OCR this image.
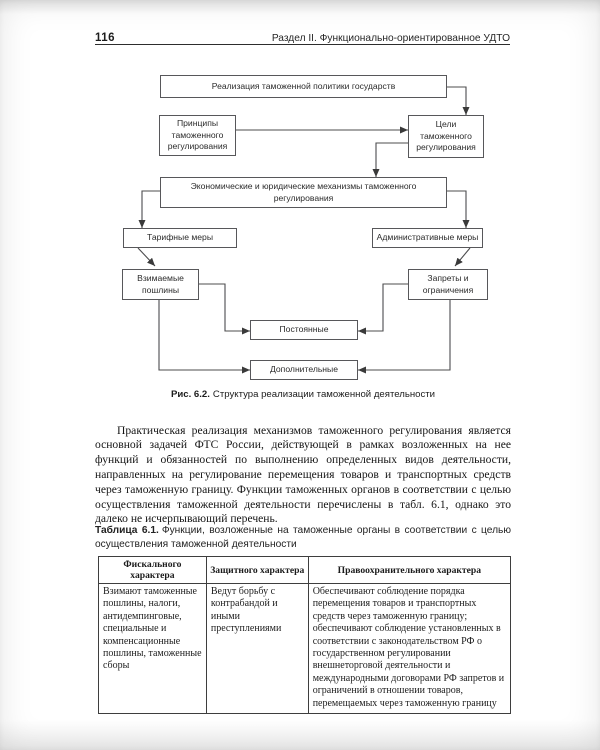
116	Раздел II. Функционально-ориентированное УДТО
Реализация таможенной политики государств
Принципы таможенного регулирования
Цели таможенного регулирования
Экономические и юридические механизмы таможенного регулирования
Тарифные меры	Административные меры
Взимаемые пошлины
Запреты и ограничения
Постоянные
Дополнительные
Рис. 6.2. Структура реализации таможенной деятельности

Практическая реализация механизмов таможенного регулирования является основной задачей ФТС России, действующей в рамках возложенных на нее функций и обязанностей по выполнению определенных видов деятельности, направленных на регулирование перемещения товаров и транспортных средств через таможенную границу. Функции таможенных органов в соответствии с целью осуществления таможенной деятельности перечислены в табл. 6.1, однако это далеко не исчерпывающий перечень.

Таблица 6.1. Функции, возложенные на таможенные органы в соответствии с целью осуществления таможенной деятельности
Фискального характера	Защитного характера	Правоохранительного характера
Взимают таможенные пошлины, налоги, антидемпинговые, специальные и компенсационные пошлины, таможенные сборы	Ведут борьбу с контрабандой и иными преступлениями	Обеспечивают соблюдение порядка перемещения товаров и транспортных средств через таможенную границу; обеспечивают соблюдение установленных в соответствии с законодательством РФ о государственном регулировании внешнеторговой деятельности и международными договорами РФ запретов и ограничений в отношении товаров, перемещаемых через таможенную границу
